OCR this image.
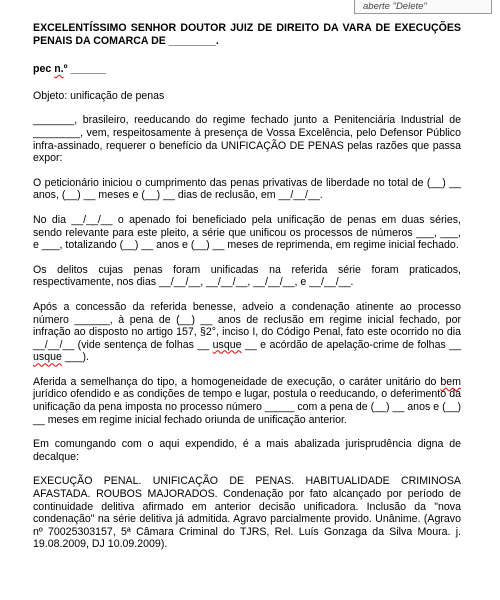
aberte "Delete"

EXCELENTÍSSIMO SENHOR DOUTOR JUIZ DE DIREITO DA VARA DE EXECUÇÕES PENAIS DA COMARCA DE ________.

pec n.º ______

Objeto: unificação de penas

_______, brasileiro, reeducando do regime fechado junto a Penitenciária Industrial de ________, vem, respeitosamente à presença de Vossa Excelência, pelo Defensor Público infra-assinado, requerer o benefício da UNIFICAÇÃO DE PENAS pelas razões que passa expor:

O peticionário iniciou o cumprimento das penas privativas de liberdade no total de (__) __ anos, (__) __ meses e (__) __ dias de reclusão, em __/__/__.

No dia __/__/__ o apenado foi beneficiado pela unificação de penas em duas séries, sendo relevante para este pleito, a série que unificou os processos de números ___, ___, e ___, totalizando (__) __ anos e (__) __ meses de reprimenda, em regime inicial fechado.

Os delitos cujas penas foram unificadas na referida série foram praticados, respectivamente, nos dias __/__/__, __/__/__, __/__/__, e __/__/__.

Após a concessão da referida benesse, adveio a condenação atinente ao processo número ______, à pena de (__) __ anos de reclusão em regime inicial fechado, por infração ao disposto no artigo 157, §2°, inciso I, do Código Penal, fato este ocorrido no dia __/__/__ (vide sentença de folhas __ usque __ e acórdão de apelação-crime de folhas __ usque ___).

Aferida a semelhança do tipo, a homogeneidade de execução, o caráter unitário do bem jurídico ofendido e as condições de tempo e lugar, postula o reeducando, o deferimento da unificação da pena imposta no processo número _____ com a pena de (__) __ anos e (__) __ meses em regime inicial fechado oriunda de unificação anterior.

Em comungando com o aqui expendido, é a mais abalizada jurisprudência digna de decalque:

EXECUÇÃO PENAL. UNIFICAÇÃO DE PENAS. HABITUALIDADE CRIMINOSA AFASTADA. ROUBOS MAJORADOS. Condenação por fato alcançado por período de continuidade delitiva afirmado em anterior decisão unificadora. Inclusão da "nova condenação" na série delitiva já admitida. Agravo parcialmente provido. Unânime. (Agravo nº 70025303157, 5ª Câmara Criminal do TJRS, Rel. Luís Gonzaga da Silva Moura. j. 19.08.2009, DJ 10.09.2009).
